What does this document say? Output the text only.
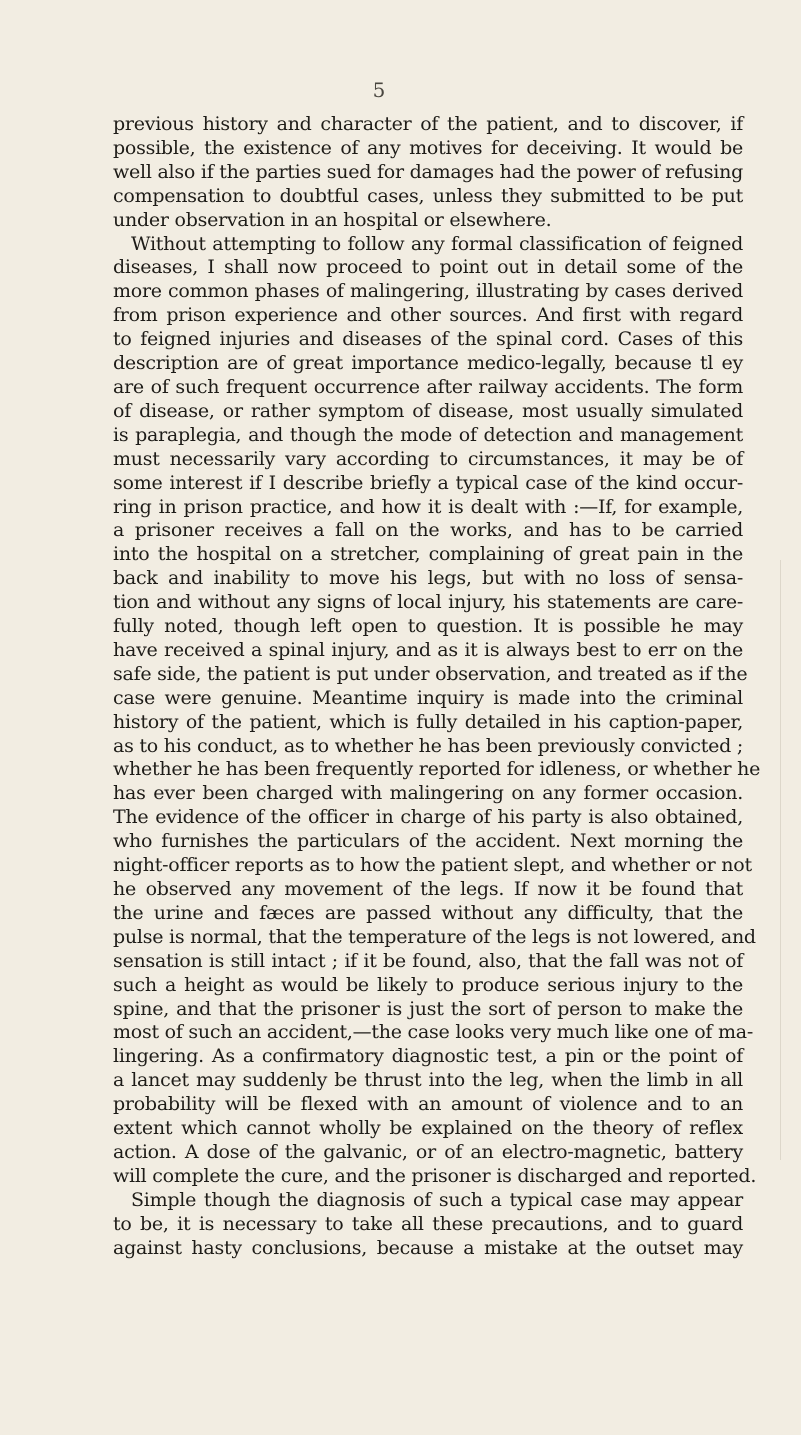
5
previous history and character of the patient, and to discover, if
possible, the existence of any motives for deceiving. It would be
well also if the parties sued for damages had the power of refusing
compensation to doubtful cases, unless they submitted to be put
under observation in an hospital or elsewhere.
Without attempting to follow any formal classification of feigned
diseases, I shall now proceed to point out in detail some of the
more common phases of malingering, illustrating by cases derived
from prison experience and other sources. And first with regard
to feigned injuries and diseases of the spinal cord. Cases of this
description are of great importance medico-legally, because tl ey
are of such frequent occurrence after railway accidents. The form
of disease, or rather symptom of disease, most usually simulated
is paraplegia, and though the mode of detection and management
must necessarily vary according to circumstances, it may be of
some interest if I describe briefly a typical case of the kind occur-
ring in prison practice, and how it is dealt with :—If, for example,
a prisoner receives a fall on the works, and has to be carried
into the hospital on a stretcher, complaining of great pain in the
back and inability to move his legs, but with no loss of sensa-
tion and without any signs of local injury, his statements are care-
fully noted, though left open to question. It is possible he may
have received a spinal injury, and as it is always best to err on the
safe side, the patient is put under observation, and treated as if the
case were genuine. Meantime inquiry is made into the criminal
history of the patient, which is fully detailed in his caption-paper,
as to his conduct, as to whether he has been previously convicted ;
whether he has been frequently reported for idleness, or whether he
has ever been charged with malingering on any former occasion.
The evidence of the officer in charge of his party is also obtained,
who furnishes the particulars of the accident. Next morning the
night-officer reports as to how the patient slept, and whether or not
he observed any movement of the legs. If now it be found that
the urine and fæces are passed without any difficulty, that the
pulse is normal, that the temperature of the legs is not lowered, and
sensation is still intact ; if it be found, also, that the fall was not of
such a height as would be likely to produce serious injury to the
spine, and that the prisoner is just the sort of person to make the
most of such an accident,—the case looks very much like one of ma-
lingering. As a confirmatory diagnostic test, a pin or the point of
a lancet may suddenly be thrust into the leg, when the limb in all
probability will be flexed with an amount of violence and to an
extent which cannot wholly be explained on the theory of reflex
action. A dose of the galvanic, or of an electro-magnetic, battery
will complete the cure, and the prisoner is discharged and reported.
Simple though the diagnosis of such a typical case may appear
to be, it is necessary to take all these precautions, and to guard
against hasty conclusions, because a mistake at the outset may
